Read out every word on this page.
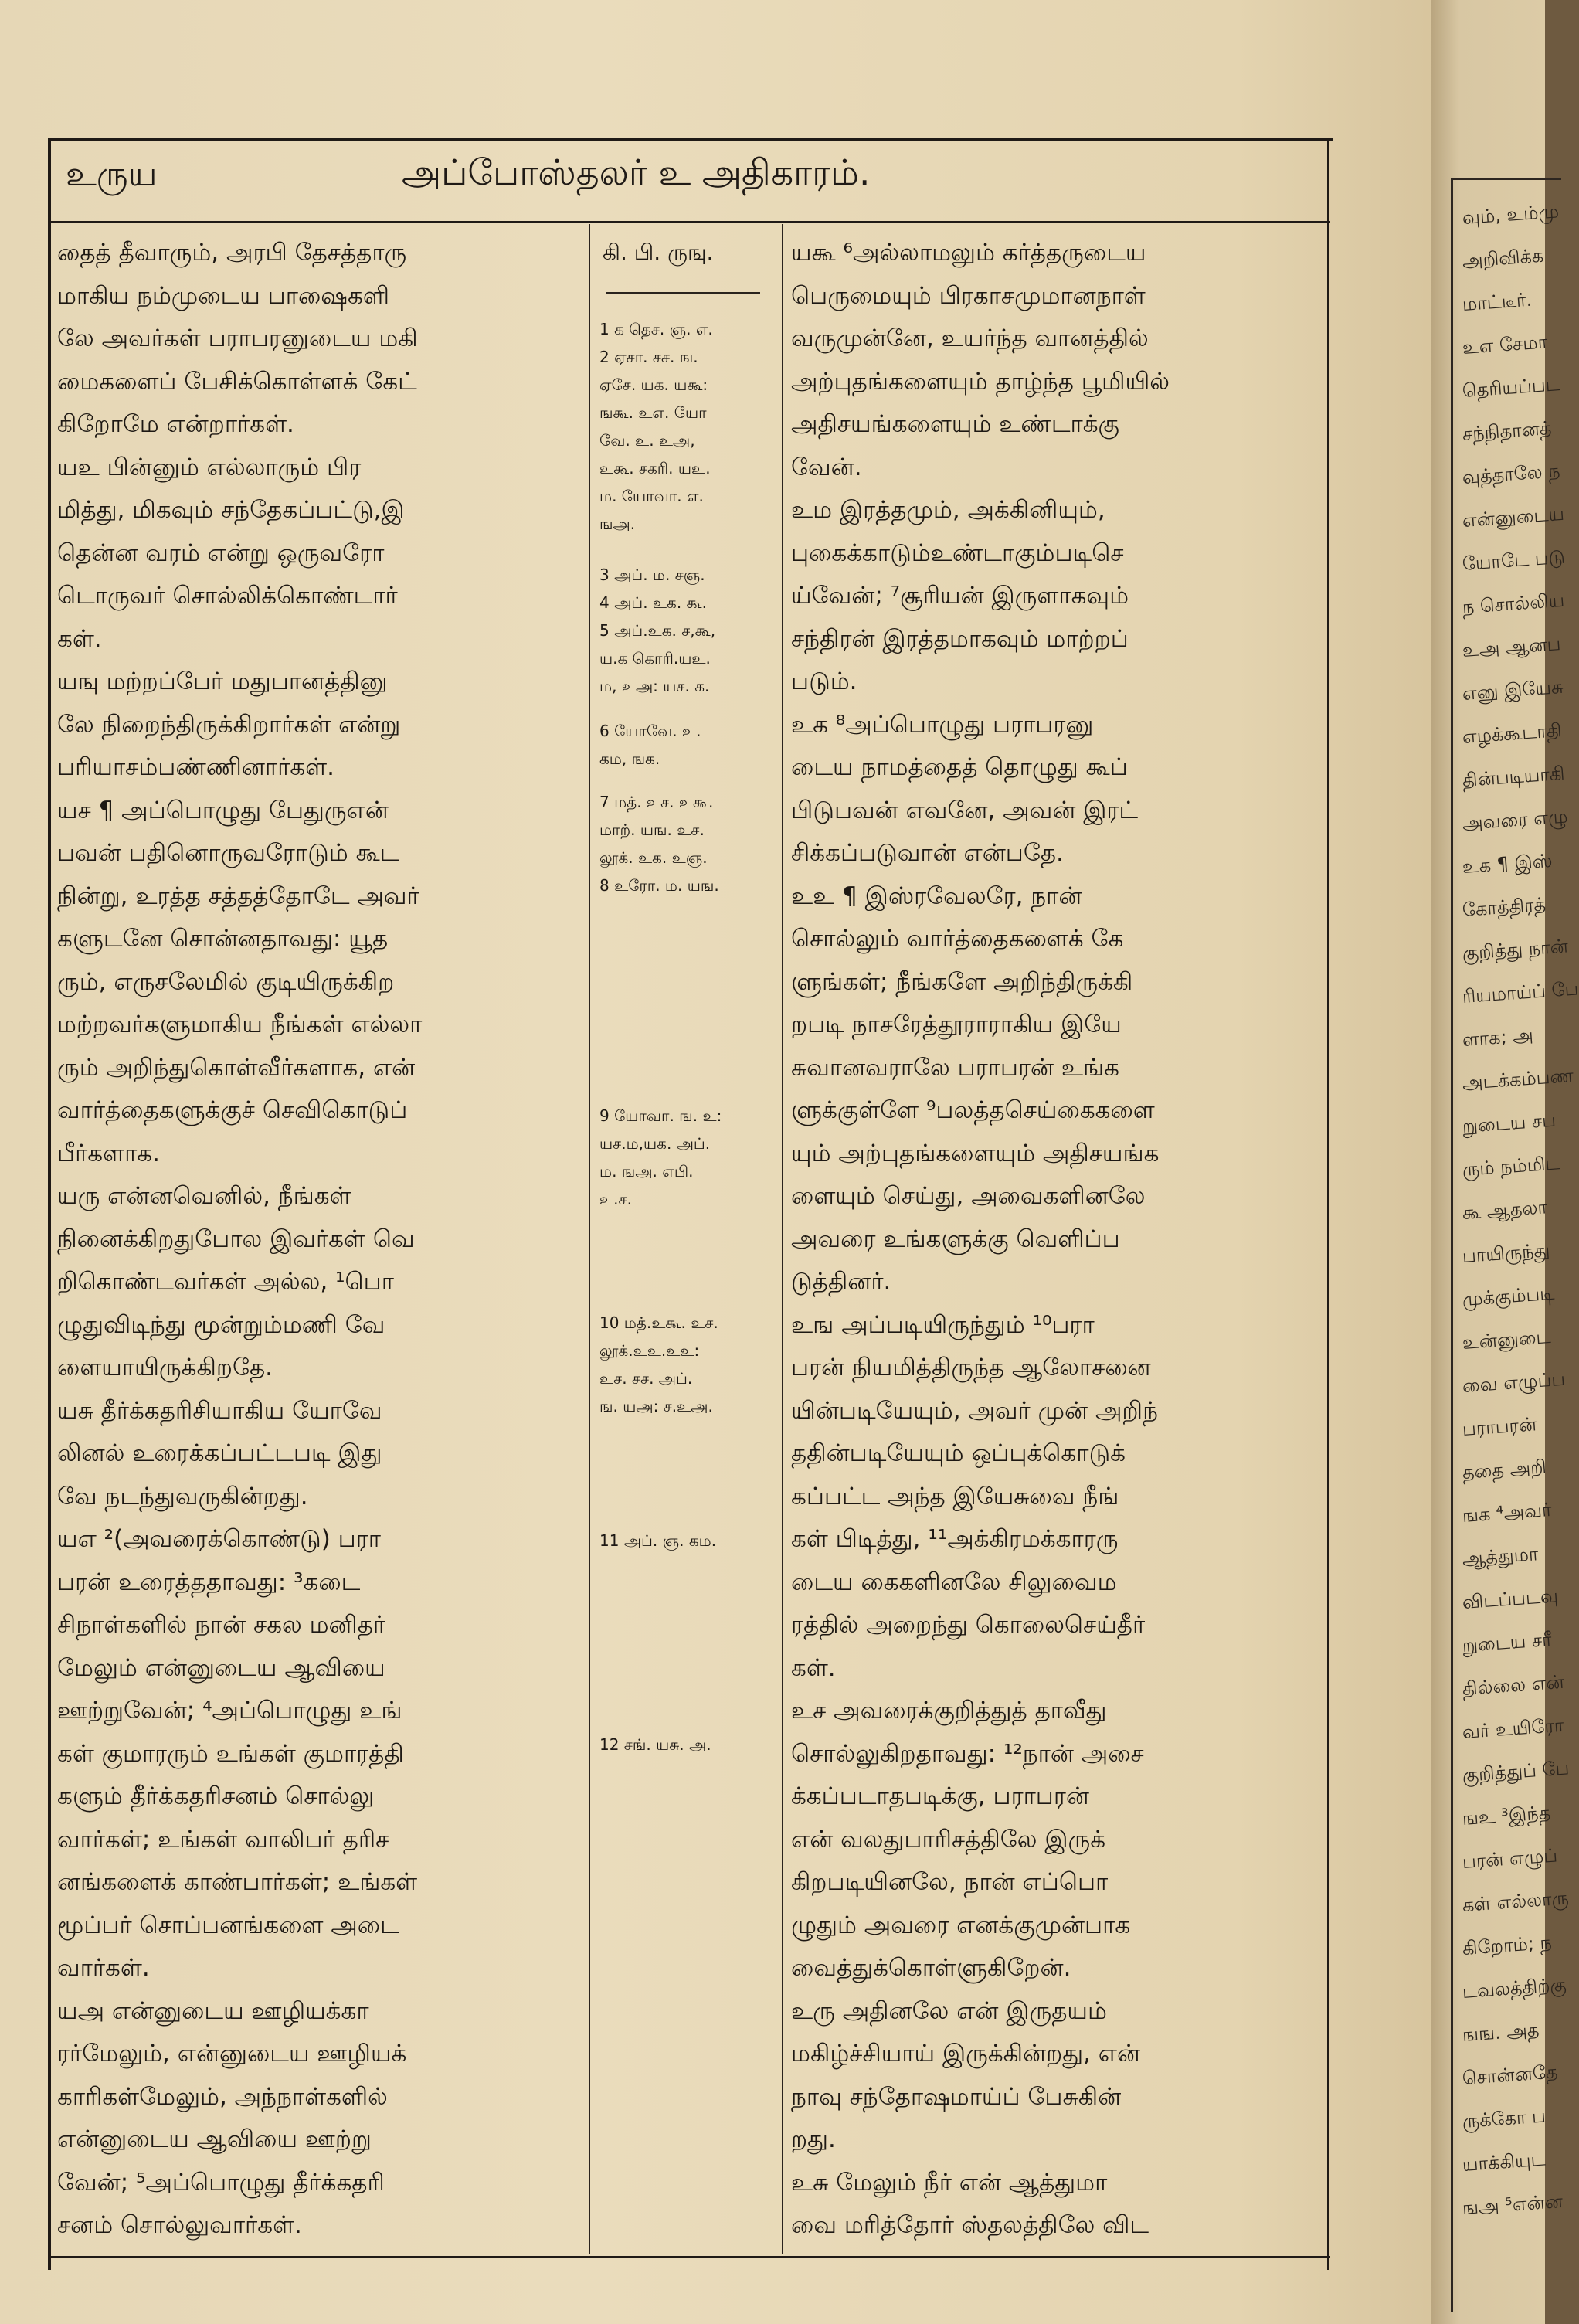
உருய	அப்போஸ்தலர் உ அதிகாரம்.

தைத் தீவாரும், அரபி தேசத்தாரு

மாகிய நம்முடைய பாஷைகளி

லே அவர்கள் பராபரனுடைய மகி

மைகளைப் பேசிக்கொள்ளக் கேட்

கிறோமே என்றார்கள்.

யஉ பின்னும் எல்லாரும் பிர

மித்து, மிகவும் சந்தேகப்பட்டு,இ

தென்ன வரம் என்று ஒருவரோ

டொருவர் சொல்லிக்கொண்டார்

கள்.

யஙு மற்றப்பேர் மதுபானத்தினு

லே நிறைந்திருக்கிறார்கள் என்று

பரியாசம்பண்ணினார்கள்.

யச ¶ அப்பொழுது பேதுருஎன்

பவன் பதினொருவரோடும் கூட

நின்று, உரத்த சத்தத்தோடே அவர்

களுடனே சொன்னதாவது: யூத

ரும், எருசலேமில் குடியிருக்கிற

மற்றவர்களுமாகிய நீங்கள் எல்லா

ரும் அறிந்துகொள்வீர்களாக, என்

வார்த்தைகளுக்குச் செவிகொடுப்

பீர்களாக.

யரு என்னவெனில், நீங்கள்

நினைக்கிறதுபோல இவர்கள் வெ

றிகொண்டவர்கள் அல்ல, ¹பொ

ழுதுவிடிந்து மூன்றும்மணி வே

ளையாயிருக்கிறதே.

யசு தீர்க்கதரிசியாகிய யோவே

லினல் உரைக்கப்பட்டபடி இது

வே நடந்துவருகின்றது.

யஎ ²(அவரைக்கொண்டு) பரா

பரன் உரைத்ததாவது: ³கடை

சிநாள்களில் நான் சகல மனிதர்

மேலும் என்னுடைய ஆவியை

ஊற்றுவேன்; ⁴அப்பொழுது உங்

கள் குமாரரும் உங்கள் குமாரத்தி

களும் தீர்க்கதரிசனம் சொல்லு

வார்கள்; உங்கள் வாலிபர் தரிச

னங்களைக் காண்பார்கள்; உங்கள்

மூப்பர் சொப்பனங்களை அடை

வார்கள்.

யஅ என்னுடைய ஊழியக்கா

ரர்மேலும், என்னுடைய ஊழியக்

காரிகள்மேலும், அந்நாள்களில்

என்னுடைய ஆவியை ஊற்று

வேன்; ⁵அப்பொழுது தீர்க்கதரி

சனம் சொல்லுவார்கள்.

கி. பி. ருஙு.
1 க தெச. ஞ. எ.
2 ஏசா. சச. ங.
ஏசே. யக. யகூ:
ஙகூ. உஎ. யோ
வே. உ. உஅ,
உகூ. சகரி. யஉ.
ம. யோவா. எ.
ஙஅ.
3 அப். ம. சஞ.
4 அப். உக. கூ.
5 அப்.உக. ச,கூ,
ய.க கொரி.யஉ.
ம, உஅ: யச. க.
6 யோவே. உ.
கம, ஙக.
7 மத். உச. உகூ.
மாற். யங. உச.
லூக். உக. உஞ.
8 உரோ. ம. யங.
9 யோவா. ங. உ:
யச.ம,யக. அப்.
ம. ஙஅ. எபி.
உ.ச.
10 மத்.உகூ. உச.
லூக்.உஉ.உஉ:
உச. சச. அப்.
ங. யஅ: ச.உஅ.
11 அப். ஞ. கம.
12 சங். யசு. அ.

யகூ ⁶அல்லாமலும் கர்த்தருடைய

பெருமையும் பிரகாசமுமானநாள்

வருமுன்னே, உயர்ந்த வானத்தில்

அற்புதங்களையும் தாழ்ந்த பூமியில்

அதிசயங்களையும் உண்டாக்கு

வேன்.

உம இரத்தமும், அக்கினியும்,

புகைக்காடும்உண்டாகும்படிசெ

ய்வேன்; ⁷சூரியன் இருளாகவும்

சந்திரன் இரத்தமாகவும் மாற்றப்

படும்.

உக ⁸அப்பொழுது பராபரனு

டைய நாமத்தைத் தொழுது கூப்

பிடுபவன் எவனே, அவன் இரட்

சிக்கப்படுவான் என்பதே.

உஉ ¶ இஸ்ரவேலரே, நான்

சொல்லும் வார்த்தைகளைக் கே

ளுங்கள்; நீங்களே அறிந்திருக்கி

றபடி நாசரேத்தூராராகிய இயே

சுவானவராலே பராபரன் உங்க

ளுக்குள்ளே ⁹பலத்தசெய்கைகளை

யும் அற்புதங்களையும் அதிசயங்க

ளையும் செய்து, அவைகளினலே

அவரை உங்களுக்கு வெளிப்ப

டுத்தினர்.

உங அப்படியிருந்தும் ¹⁰பரா

பரன் நியமித்திருந்த ஆலோசனை

யின்படியேயும், அவர் முன் அறிந்

ததின்படியேயும் ஒப்புக்கொடுக்

கப்பட்ட அந்த இயேசுவை நீங்

கள் பிடித்து, ¹¹அக்கிரமக்காரரு

டைய கைகளினலே சிலுவைம

ரத்தில் அறைந்து கொலைசெய்தீர்

கள்.

உச அவரைக்குறித்துத் தாவீது

சொல்லுகிறதாவது: ¹²நான் அசை

க்கப்படாதபடிக்கு, பராபரன்

என் வலதுபாரிசத்திலே இருக்

கிறபடியினலே, நான் எப்பொ

ழுதும் அவரை எனக்குமுன்பாக

வைத்துக்கொள்ளுகிறேன்.

உரு அதினலே என் இருதயம்

மகிழ்ச்சியாய் இருக்கின்றது, என்

நாவு சந்தோஷமாய்ப் பேசுகின்

றது.

உசு மேலும் நீர் என் ஆத்துமா

வை மரித்தோர் ஸ்தலத்திலே விட

வும், உம்மு
அறிவிக்க
மாட்டீர்.
உஎ சேமா
தெரியப்பட
சந்நிதானத்
வுத்தாலே ந
என்னுடைய
யோடே படு
ந சொல்லிய
உஅ ஆனப
எனு இயேசு
எழக்கூடாதி
தின்படியாகி
அவரை எழு
உக ¶ இஸ்
கோத்திரத்
குறித்து நான்
ரியமாய்ப் பே
ளாக; அ
அடக்கம்பண
றுடைய சப
ரும் நம்மிட
கூ ஆதலா
பாயிருந்து
முக்கும்படி
உன்னுடை
வை எழுப்ப
பராபரன்
ததை அறி
ஙக ⁴அவர்
ஆத்துமா
விடப்படவு
றுடைய சரீ
தில்லை என்
வர் உயிரோ
குறித்துப் பே
ஙஉ ³இந்த
பரன் எழுப்
கள் எல்லாரு
கிறோம்; ந
டவலத்திற்கு
ஙங. அத
சொன்னதே
ருக்கோ ப
யாக்கியுட
ஙஅ ⁵என்ன
